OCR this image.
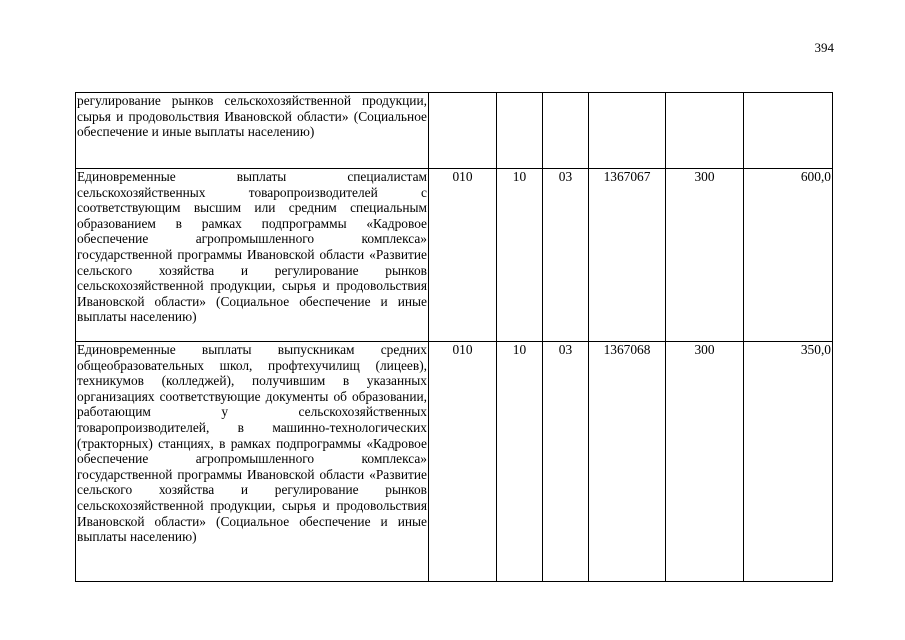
394
регулирование рынков сельскохозяйственной продукции, сырья и продовольствия Ивановской области» (Социальное обеспечение и иные выплаты населению)						
Единовременные выплаты специалистам сельскохозяйственных товаропроизводителей с соответствующим высшим или средним специальным образованием в рамках подпрограммы «Кадровое обеспечение агропромышленного комплекса» государственной программы Ивановской области «Развитие сельского хозяйства и регулирование рынков сельскохозяйственной продукции, сырья и продовольствия Ивановской области» (Социальное обеспечение и иные выплаты населению)	010	10	03	1367067	300	600,0
Единовременные выплаты выпускникам средних общеобразовательных школ, профтехучилищ (лицеев), техникумов (колледжей), получившим в указанных организациях соответствующие документы об образовании, работающим у сельскохозяйственных товаропроизводителей, в машинно-технологических (тракторных) станциях, в рамках подпрограммы «Кадровое обеспечение агропромышленного комплекса» государственной программы Ивановской области «Развитие сельского хозяйства и регулирование рынков сельскохозяйственной продукции, сырья и продовольствия Ивановской области» (Социальное обеспечение и иные выплаты населению)	010	10	03	1367068	300	350,0
